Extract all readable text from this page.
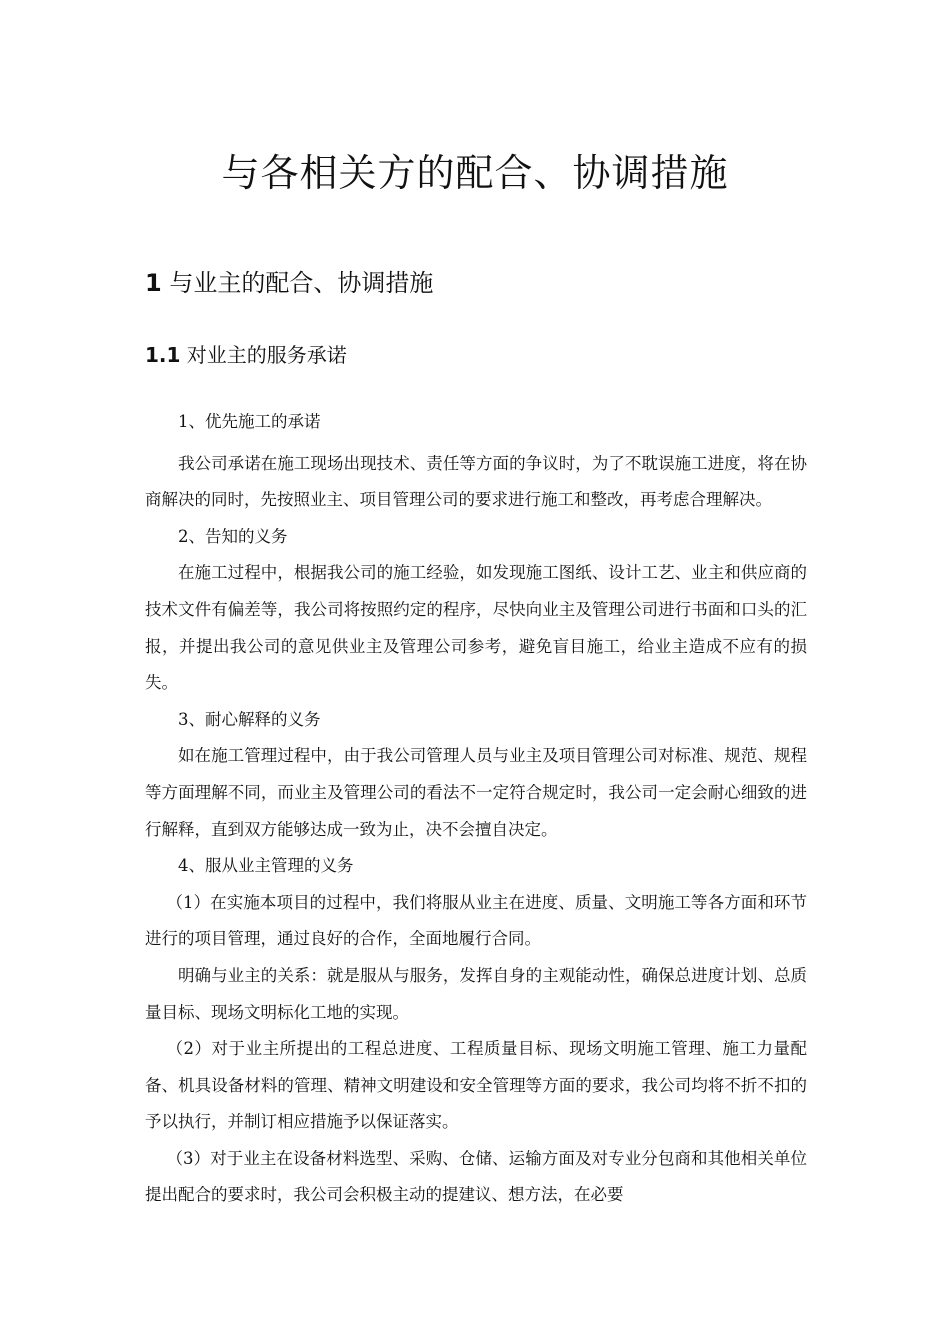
与各相关方的配合、协调措施
1 与业主的配合、协调措施
1.1 对业主的服务承诺

1、优先施工的承诺

我公司承诺在施工现场出现技术、责任等方面的争议时，为了不耽误施工进度，将在协商解决的同时，先按照业主、项目管理公司的要求进行施工和整改，再考虑合理解决。

2、告知的义务

在施工过程中，根据我公司的施工经验，如发现施工图纸、设计工艺、业主和供应商的技术文件有偏差等，我公司将按照约定的程序，尽快向业主及管理公司进行书面和口头的汇报，并提出我公司的意见供业主及管理公司参考，避免盲目施工，给业主造成不应有的损失。

3、耐心解释的义务

如在施工管理过程中，由于我公司管理人员与业主及项目管理公司对标准、规范、规程等方面理解不同，而业主及管理公司的看法不一定符合规定时，我公司一定会耐心细致的进行解释，直到双方能够达成一致为止，决不会擅自决定。

4、服从业主管理的义务

（1）在实施本项目的过程中，我们将服从业主在进度、质量、文明施工等各方面和环节进行的项目管理，通过良好的合作，全面地履行合同。

明确与业主的关系：就是服从与服务，发挥自身的主观能动性，确保总进度计划、总质量目标、现场文明标化工地的实现。

（2）对于业主所提出的工程总进度、工程质量目标、现场文明施工管理、施工力量配备、机具设备材料的管理、精神文明建设和安全管理等方面的要求，我公司均将不折不扣的予以执行，并制订相应措施予以保证落实。

（3）对于业主在设备材料选型、采购、仓储、运输方面及对专业分包商和其他相关单位提出配合的要求时，我公司会积极主动的提建议、想方法，在必要
